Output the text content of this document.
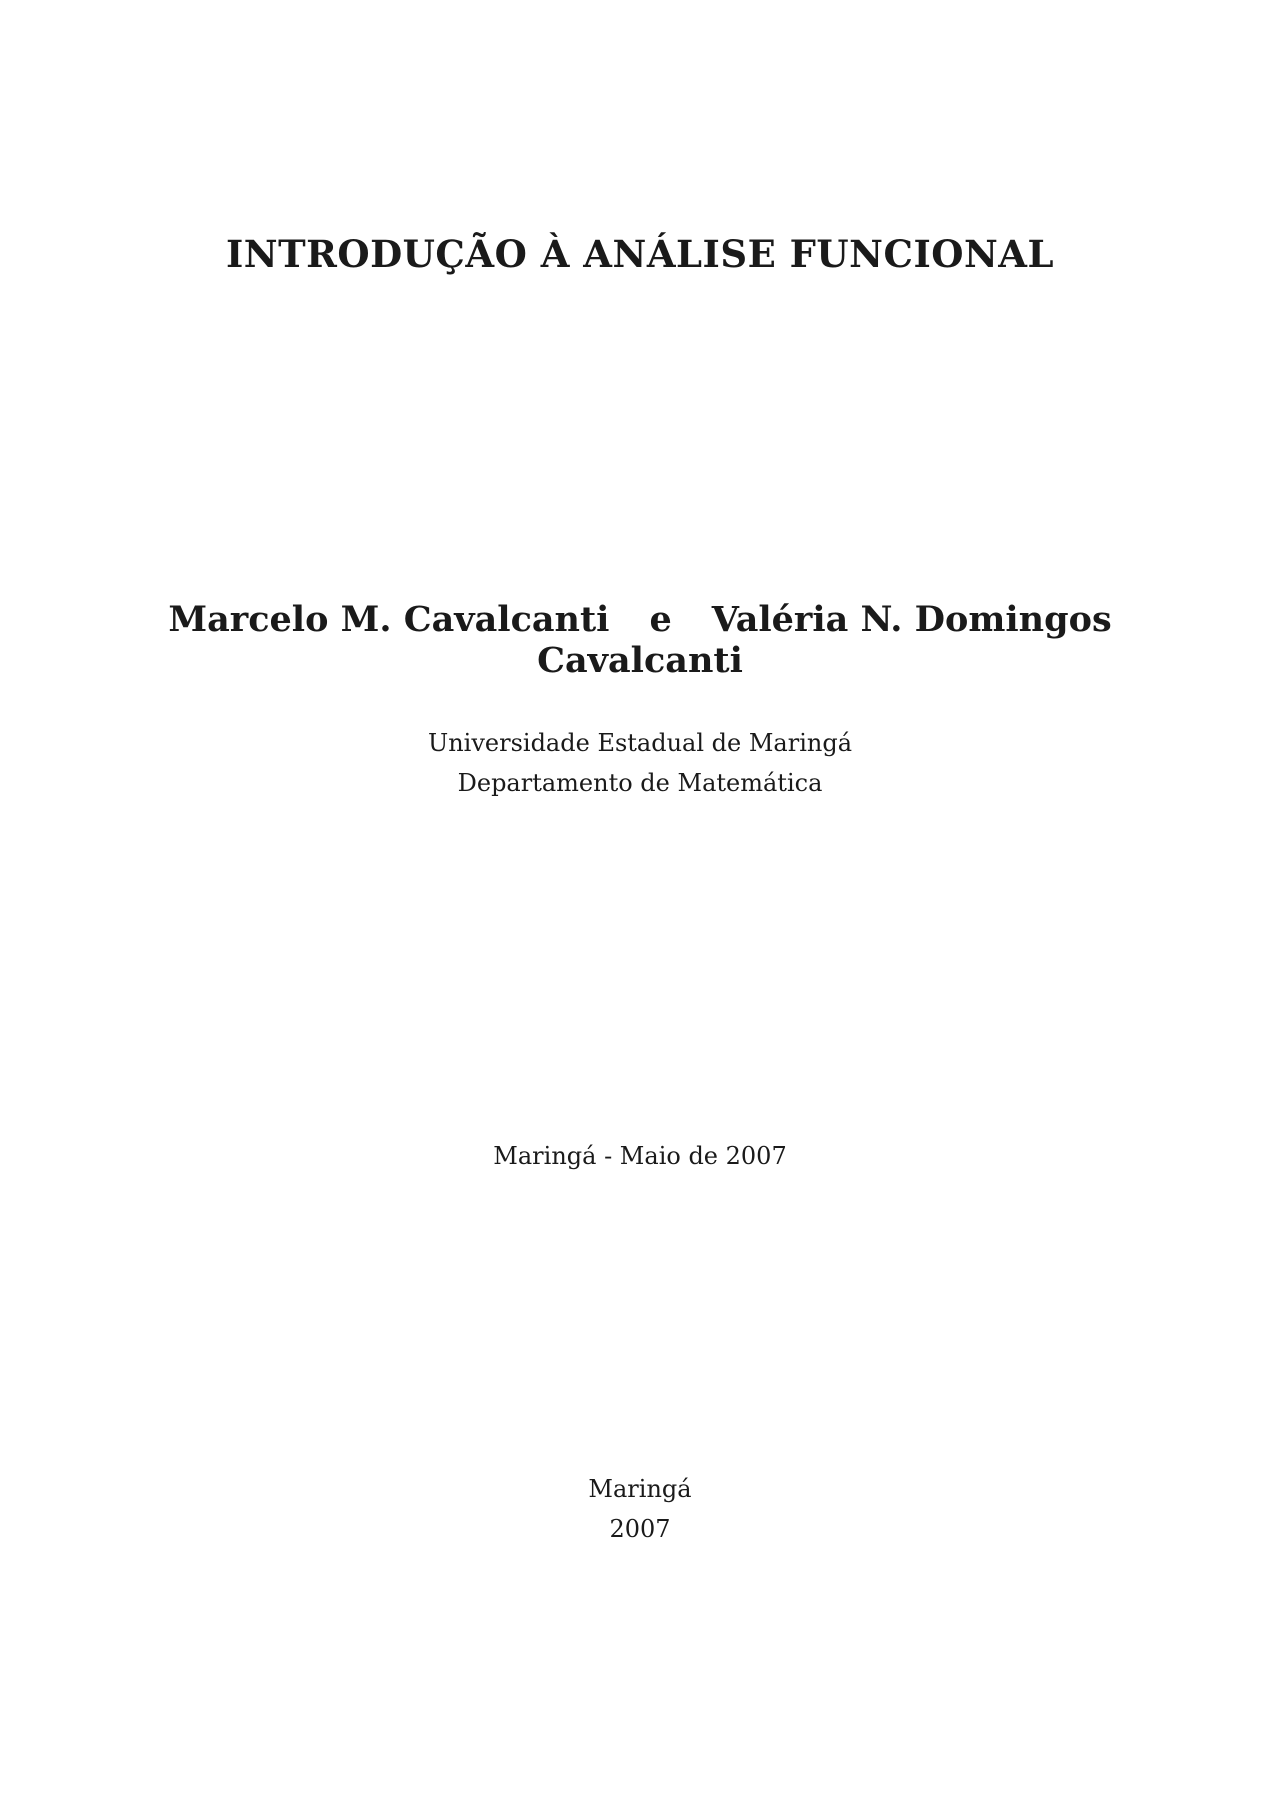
INTRODUÇÃO À ANÁLISE FUNCIONAL
Marcelo M. Cavalcanti e Valéria N. Domingos
Cavalcanti
Universidade Estadual de Maringá
Departamento de Matemática
Maringá - Maio de 2007
Maringá
2007
